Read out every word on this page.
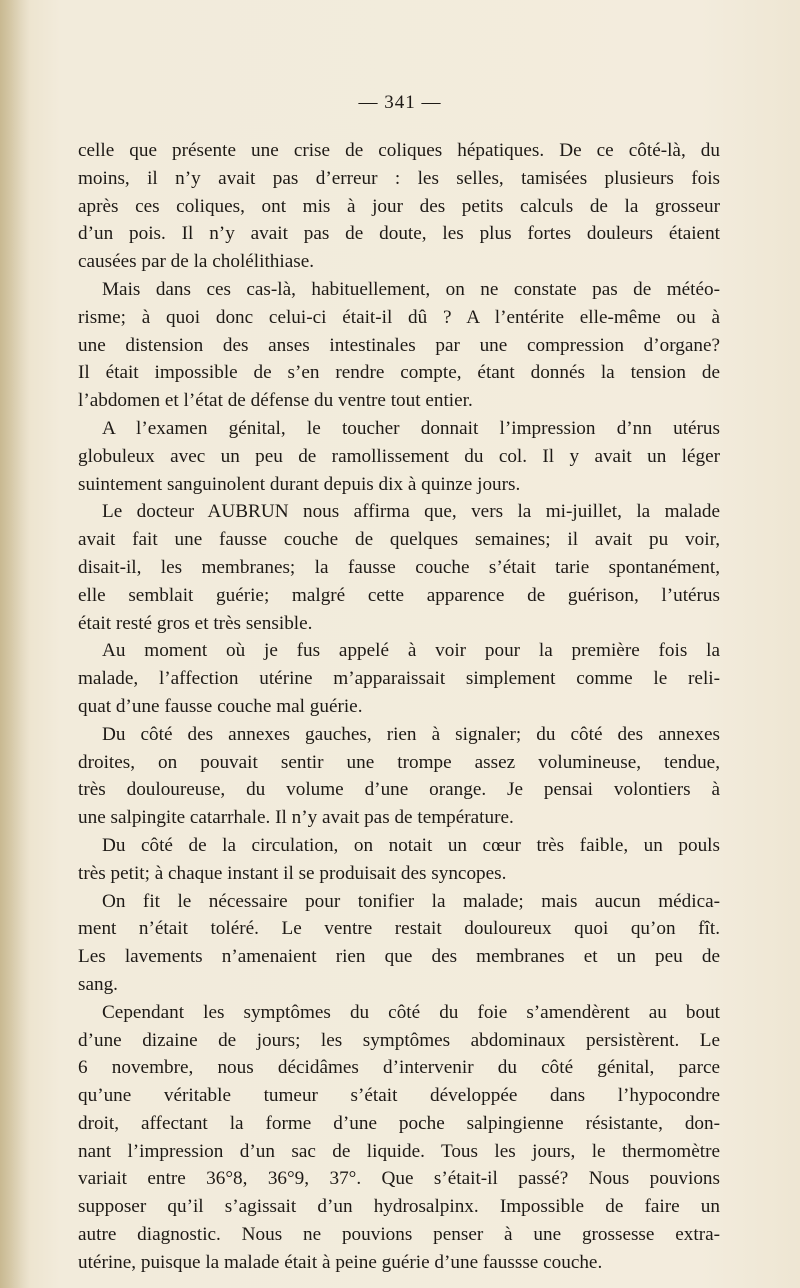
— 341 —
celle que présente une crise de coliques hépatiques. De ce côté-là, du
moins, il n’y avait pas d’erreur : les selles, tamisées plusieurs fois
après ces coliques, ont mis à jour des petits calculs de la grosseur
d’un pois. Il n’y avait pas de doute, les plus fortes douleurs étaient
causées par de la cholélithiase.
Mais dans ces cas-là, habituellement, on ne constate pas de météo-
risme; à quoi donc celui-ci était-il dû ? A l’entérite elle-même ou à
une distension des anses intestinales par une compression d’organe?
Il était impossible de s’en rendre compte, étant donnés la tension de
l’abdomen et l’état de défense du ventre tout entier.
A l’examen génital, le toucher donnait l’impression d’nn utérus
globuleux avec un peu de ramollissement du col. Il y avait un léger
suintement sanguinolent durant depuis dix à quinze jours.
Le docteur AUBRUN nous affirma que, vers la mi-juillet, la malade
avait fait une fausse couche de quelques semaines; il avait pu voir,
disait-il, les membranes; la fausse couche s’était tarie spontanément,
elle semblait guérie; malgré cette apparence de guérison, l’utérus
était resté gros et très sensible.
Au moment où je fus appelé à voir pour la première fois la
malade, l’affection utérine m’apparaissait simplement comme le reli-
quat d’une fausse couche mal guérie.
Du côté des annexes gauches, rien à signaler; du côté des annexes
droites, on pouvait sentir une trompe assez volumineuse, tendue,
très douloureuse, du volume d’une orange. Je pensai volontiers à
une salpingite catarrhale. Il n’y avait pas de température.
Du côté de la circulation, on notait un cœur très faible, un pouls
très petit; à chaque instant il se produisait des syncopes.
On fit le nécessaire pour tonifier la malade; mais aucun médica-
ment n’était toléré. Le ventre restait douloureux quoi qu’on fît.
Les lavements n’amenaient rien que des membranes et un peu de
sang.
Cependant les symptômes du côté du foie s’amendèrent au bout
d’une dizaine de jours; les symptômes abdominaux persistèrent. Le
6 novembre, nous décidâmes d’intervenir du côté génital, parce
qu’une véritable tumeur s’était développée dans l’hypocondre
droit, affectant la forme d’une poche salpingienne résistante, don-
nant l’impression d’un sac de liquide. Tous les jours, le thermomètre
variait entre 36°8, 36°9, 37°. Que s’était-il passé? Nous pouvions
supposer qu’il s’agissait d’un hydrosalpinx. Impossible de faire un
autre diagnostic. Nous ne pouvions penser à une grossesse extra-
utérine, puisque la malade était à peine guérie d’une faussse couche.
